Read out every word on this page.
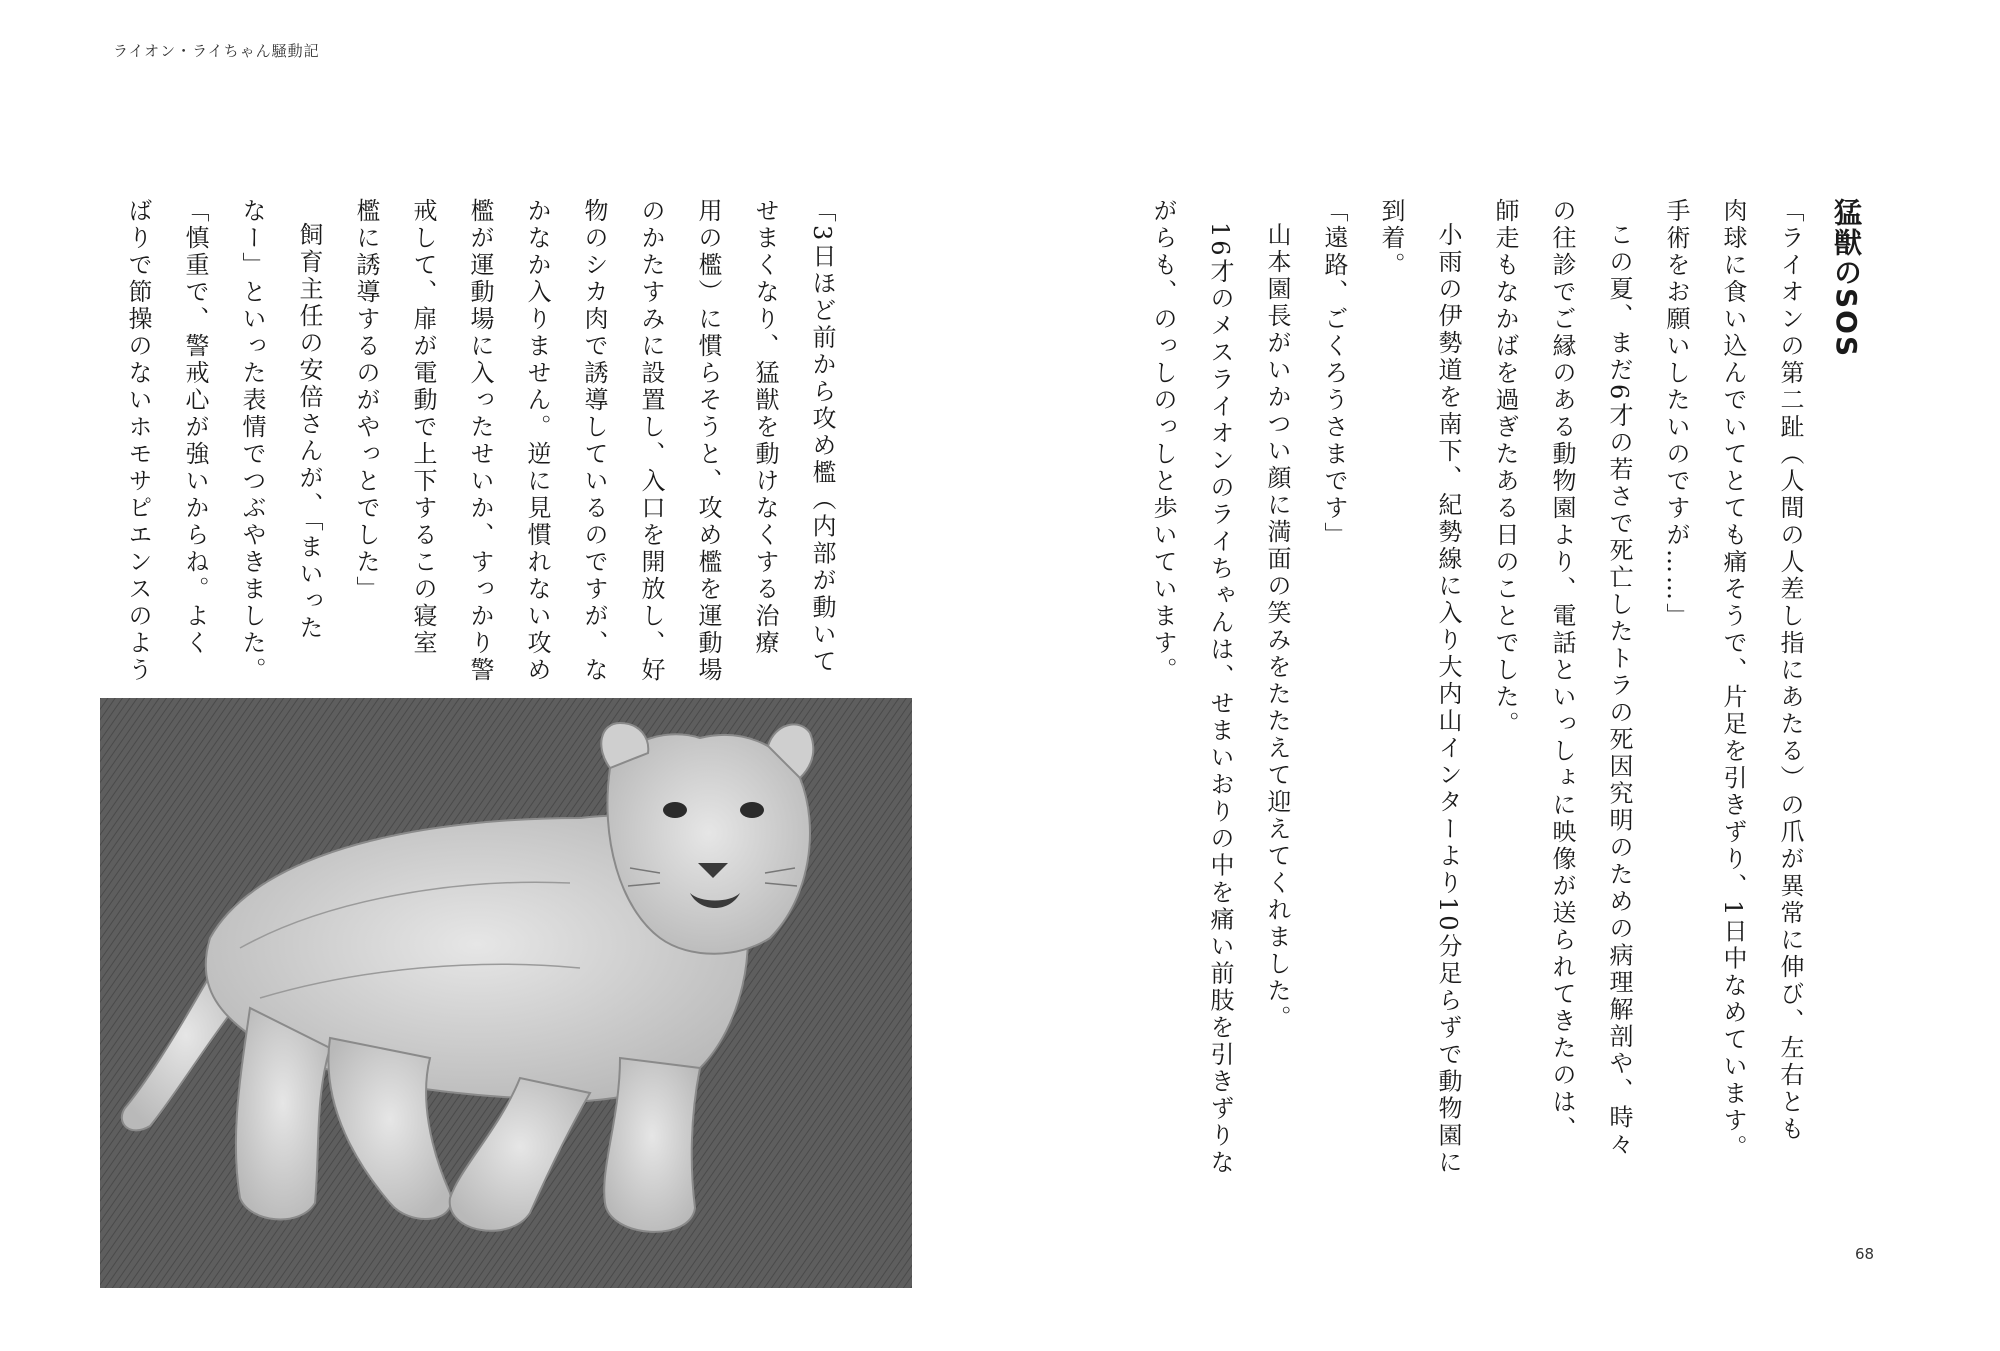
ライオン・ライちゃん騒動記

猛獣のSOS

「ライオンの第二趾（人間の人差し指にあたる）の爪が異常に伸び、左右とも

肉球に食い込んでいてとても痛そうで、片足を引きずり、1日中なめています。

手術をお願いしたいのですが……」

この夏、まだ6才の若さで死亡したトラの死因究明のための病理解剖や、時々

の往診でご縁のある動物園より、電話といっしょに映像が送られてきたのは、

師走もなかばを過ぎたある日のことでした。

小雨の伊勢道を南下、紀勢線に入り大内山インターより10分足らずで動物園に

到着。

「遠路、ごくろうさまです」

山本園長がいかつい顔に満面の笑みをたたえて迎えてくれました。

16才のメスライオンのライちゃんは、せまいおりの中を痛い前肢を引きずりな

がらも、のっしのっしと歩いています。

「3日ほど前から攻め檻（内部が動いて

せまくなり、猛獣を動けなくする治療

用の檻）に慣らそうと、攻め檻を運動場

のかたすみに設置し、入口を開放し、好

物のシカ肉で誘導しているのですが、な

かなか入りません。逆に見慣れない攻め

檻が運動場に入ったせいか、すっかり警

戒して、扉が電動で上下するこの寝室

檻に誘導するのがやっとでした」

飼育主任の安倍さんが、「まいった

なー」といった表情でつぶやきました。

「慎重で、警戒心が強いからね。よく

ばりで節操のないホモサピエンスのよう

68
